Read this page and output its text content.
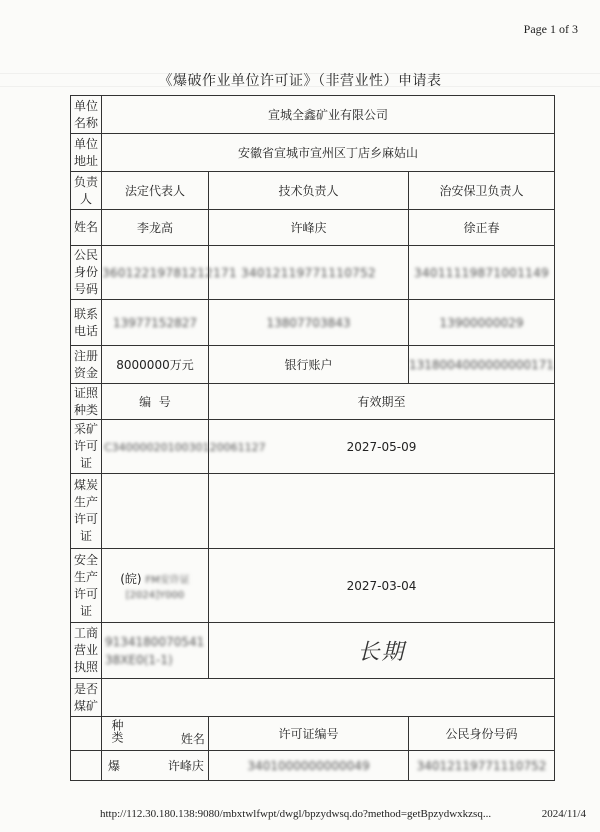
Page 1 of 3
《爆破作业单位许可证》（非营业性）申请表
单位名称	宣城全鑫矿业有限公司		
单位地址	安徽省宣城市宣州区丁店乡麻姑山		
负责人	法定代表人	技术负责人	治安保卫负责人
姓名	李龙高	许峰庆	徐正春
公民身份号码	36012219781212171	34012119771110752	34011119871001149
联系电话	13977152827	13807703843	13900000029
注册资金	8000000万元	银行账户	1318004000000000171
证照种类	编  号	有效期至	
采矿许可证	C3400002010030120061127	2027-05-09	
煤炭生产许可证			
安全生产许可证	(皖) FM安许证[2024]Y000	2027-03-04	
工商营业执照	913418007054138XE0(1-1)	长期	
是否煤矿			
	种类 姓名	许可证编号	公民身份号码
	爆 许峰庆	3401000000000049	34012119771110752
http://112.30.180.138:9080/mbxtwlfwpt/dwgl/bpzydwsq.do?method=getBpzydwxkzsq...	2024/11/4
